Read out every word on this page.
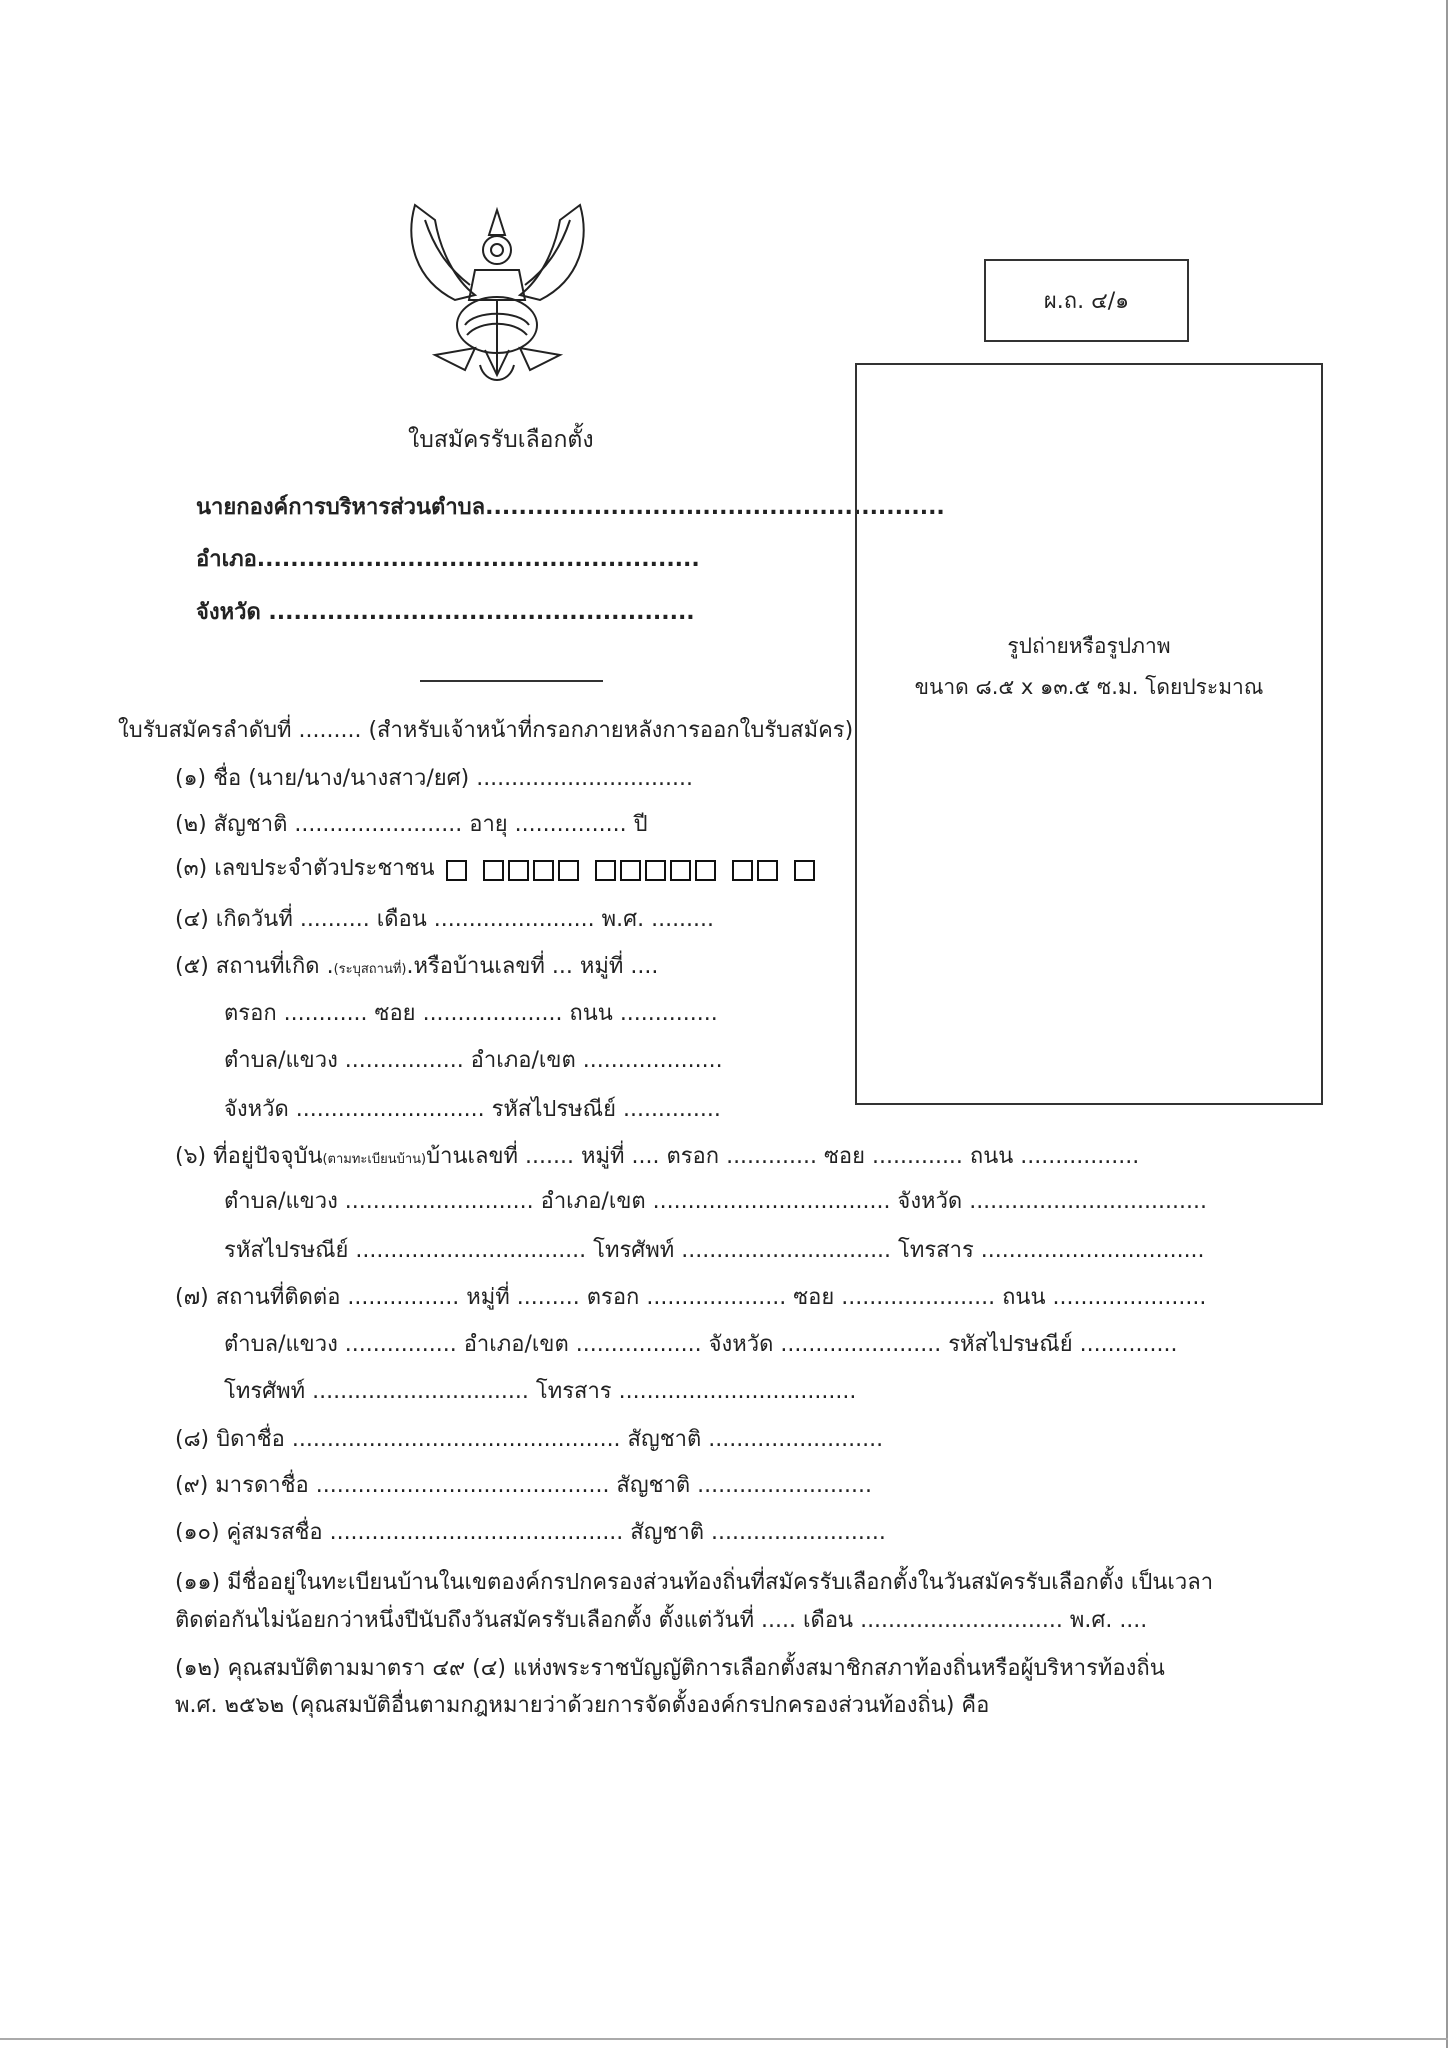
ผ.ถ. ๔/๑
ใบสมัครรับเลือกตั้ง
นายกองค์การบริหารส่วนตำบล.......................................................
อำเภอ.....................................................
จังหวัด ...................................................
รูปถ่ายหรือรูปภาพ
ขนาด ๘.๕ x ๑๓.๕ ซ.ม. โดยประมาณ
ใบรับสมัครลำดับที่ ......... (สำหรับเจ้าหน้าที่กรอกภายหลังการออกใบรับสมัคร)
(๑) ชื่อ (นาย/นาง/นางสาว/ยศ) ...............................
(๒) สัญชาติ ........................ อายุ ................ ปี
(๓) เลขประจำตัวประชาชน
(๔) เกิดวันที่ .......... เดือน ....................... พ.ศ. .........
(๕) สถานที่เกิด .(ระบุสถานที่).หรือบ้านเลขที่ ... หมู่ที่ ....
ตรอก ............ ซอย .................... ถนน ..............
ตำบล/แขวง ................. อำเภอ/เขต ....................
จังหวัด ........................... รหัสไปรษณีย์ ..............
(๖) ที่อยู่ปัจจุบัน(ตามทะเบียนบ้าน)บ้านเลขที่ ....... หมู่ที่ .... ตรอก ............. ซอย ............. ถนน .................
ตำบล/แขวง ........................... อำเภอ/เขต .................................. จังหวัด ..................................
รหัสไปรษณีย์ ................................. โทรศัพท์ .............................. โทรสาร ................................
(๗) สถานที่ติดต่อ ................ หมู่ที่ ......... ตรอก .................... ซอย ...................... ถนน ......................
ตำบล/แขวง ................ อำเภอ/เขต .................. จังหวัด ....................... รหัสไปรษณีย์ ..............
โทรศัพท์ ............................... โทรสาร ..................................
(๘) บิดาชื่อ ............................................... สัญชาติ .........................
(๙) มารดาชื่อ .......................................... สัญชาติ .........................
(๑๐) คู่สมรสชื่อ .......................................... สัญชาติ .........................
(๑๑) มีชื่ออยู่ในทะเบียนบ้านในเขตองค์กรปกครองส่วนท้องถิ่นที่สมัครรับเลือกตั้งในวันสมัครรับเลือกตั้ง เป็นเวลา
ติดต่อกันไม่น้อยกว่าหนึ่งปีนับถึงวันสมัครรับเลือกตั้ง ตั้งแต่วันที่ ..... เดือน ............................. พ.ศ. ....
(๑๒) คุณสมบัติตามมาตรา ๔๙ (๔) แห่งพระราชบัญญัติการเลือกตั้งสมาชิกสภาท้องถิ่นหรือผู้บริหารท้องถิ่น
พ.ศ. ๒๕๖๒ (คุณสมบัติอื่นตามกฎหมายว่าด้วยการจัดตั้งองค์กรปกครองส่วนท้องถิ่น) คือ
